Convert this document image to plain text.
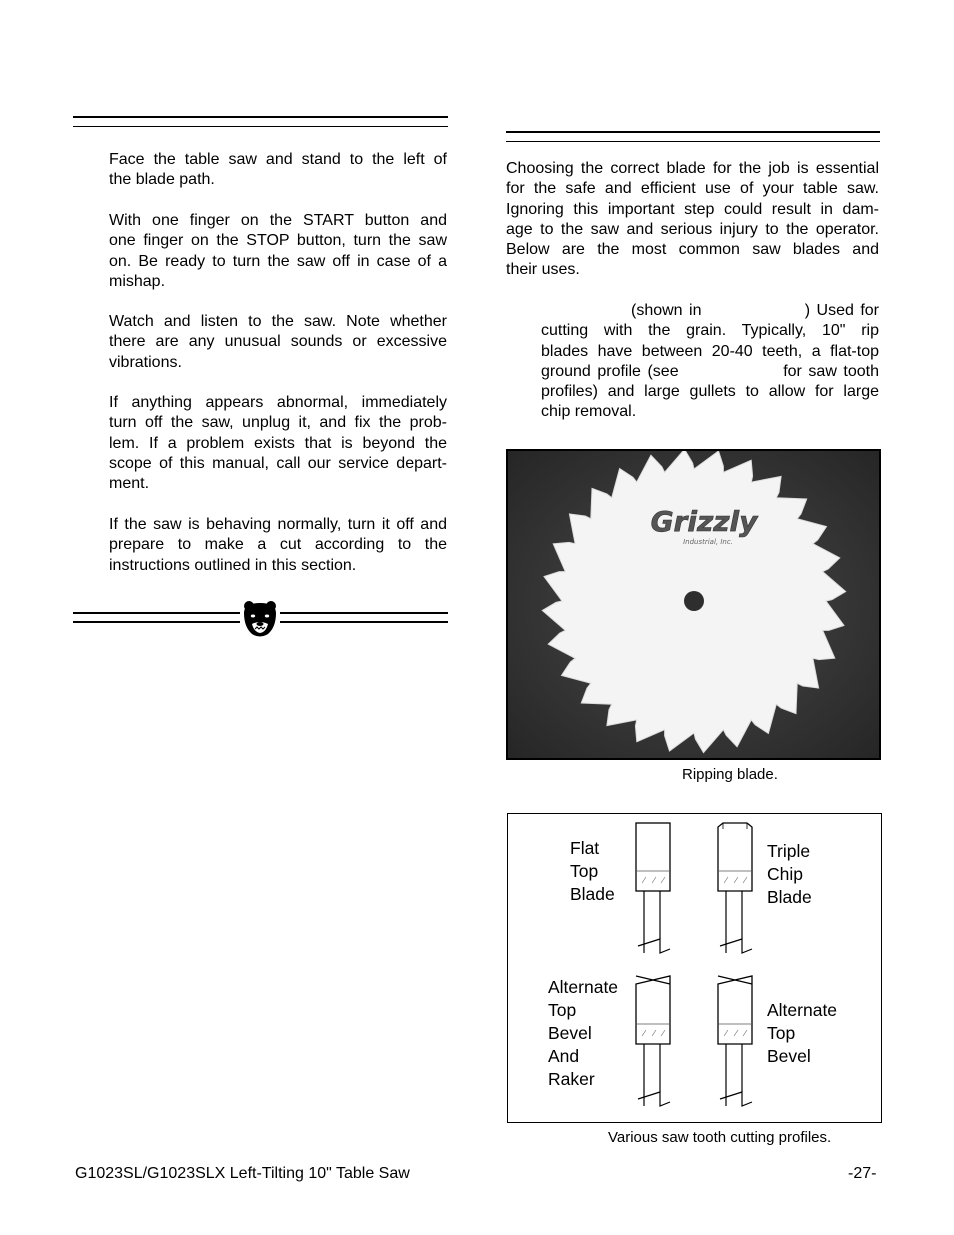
Face the table saw and stand to the left of
the blade path.
With one finger on the START button and
one finger on the STOP button, turn the saw
on. Be ready to turn the saw off in case of a
mishap.
Watch and listen to the saw. Note whether
there are any unusual sounds or excessive
vibrations.
If anything appears abnormal, immediately
turn off the saw, unplug it, and fix the prob-
lem. If a problem exists that is beyond the
scope of this manual, call our service depart-
ment.
If the saw is behaving normally, turn it off and
prepare to make a cut according to the
instructions outlined in this section.
Choosing the correct blade for the job is essential
for the safe and efficient use of your table saw.
Ignoring this important step could result in dam-
age to the saw and serious injury to the operator.
Below are the most common saw blades and
their uses.
(shown in                ) Used for
cutting with the grain. Typically, 10" rip
blades have between 20-40 teeth, a flat-top
ground profile (see                for saw tooth
profiles) and large gullets to allow for large
chip removal.
Grizzly
Industrial, Inc.
Ripping blade.
Flat
Top
Blade
Triple
Chip
Blade
Alternate
Top
Bevel
And
Raker
Alternate
Top
Bevel
Various saw tooth cutting profiles.
G1023SL/G1023SLX Left-Tilting 10" Table Saw	-27-
